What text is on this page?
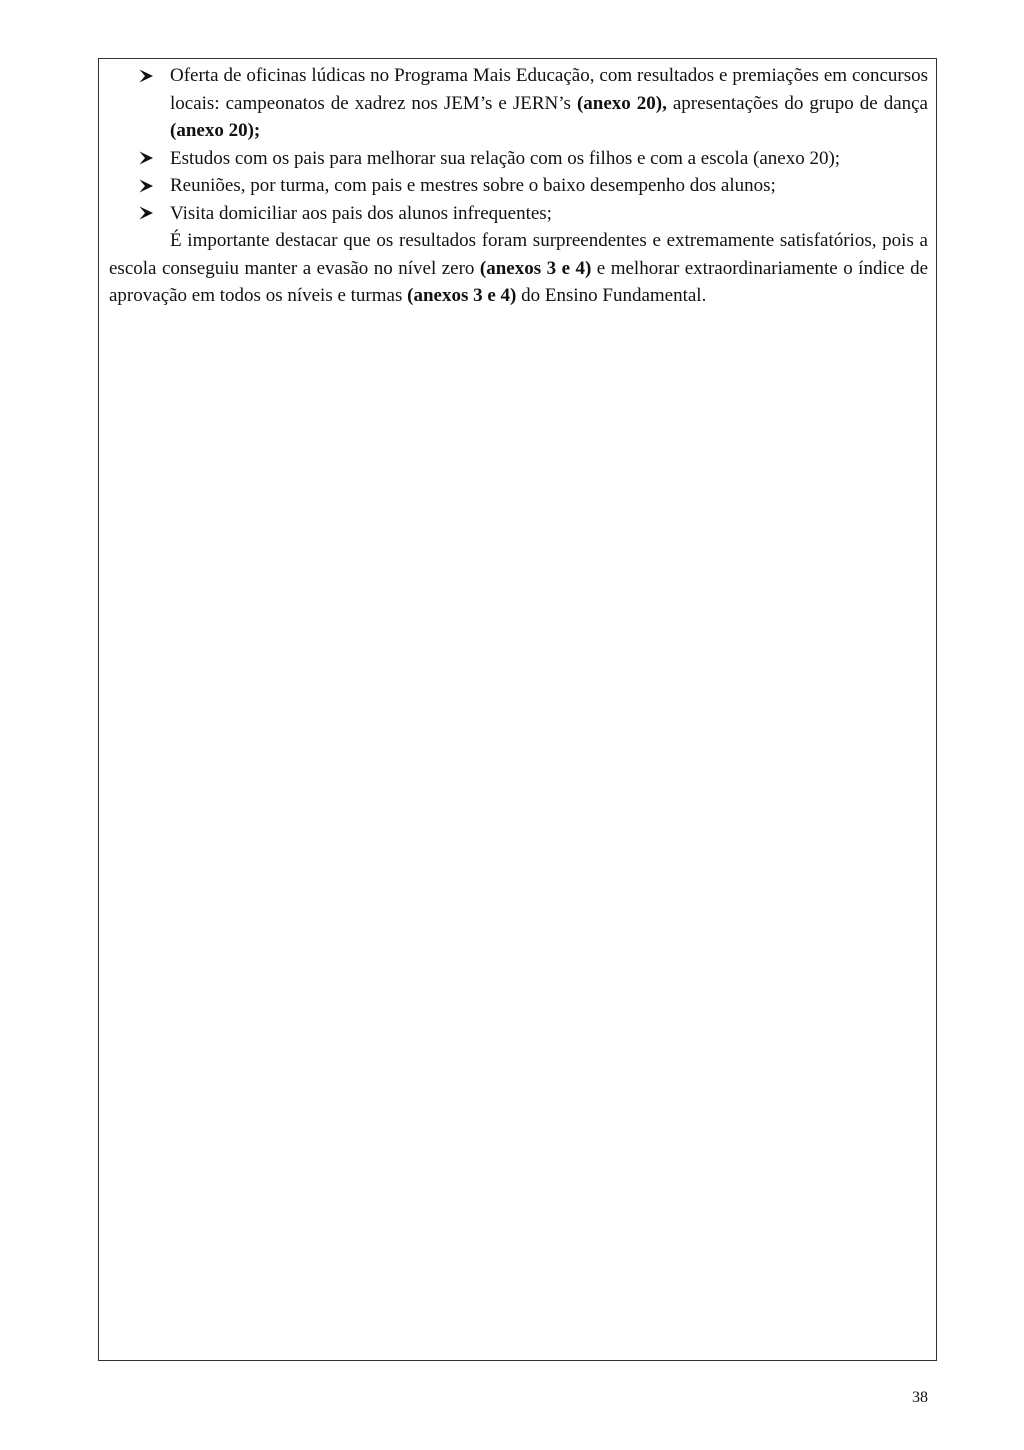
Oferta de oficinas lúdicas no Programa Mais Educação, com resultados e premiações em concursos locais: campeonatos de xadrez nos JEM’s e JERN’s (anexo 20), apresentações do grupo de dança (anexo 20);
Estudos com os pais para melhorar sua relação com os filhos e com a escola (anexo 20);
Reuniões, por turma, com pais e mestres sobre o baixo desempenho dos alunos;
Visita domiciliar aos pais dos alunos infrequentes;

É importante destacar que os resultados foram surpreendentes e extremamente satisfatórios, pois a escola conseguiu manter a evasão no nível zero (anexos 3 e 4) e melhorar extraordinariamente o índice de aprovação em todos os níveis e turmas (anexos 3 e 4) do Ensino Fundamental.

38
